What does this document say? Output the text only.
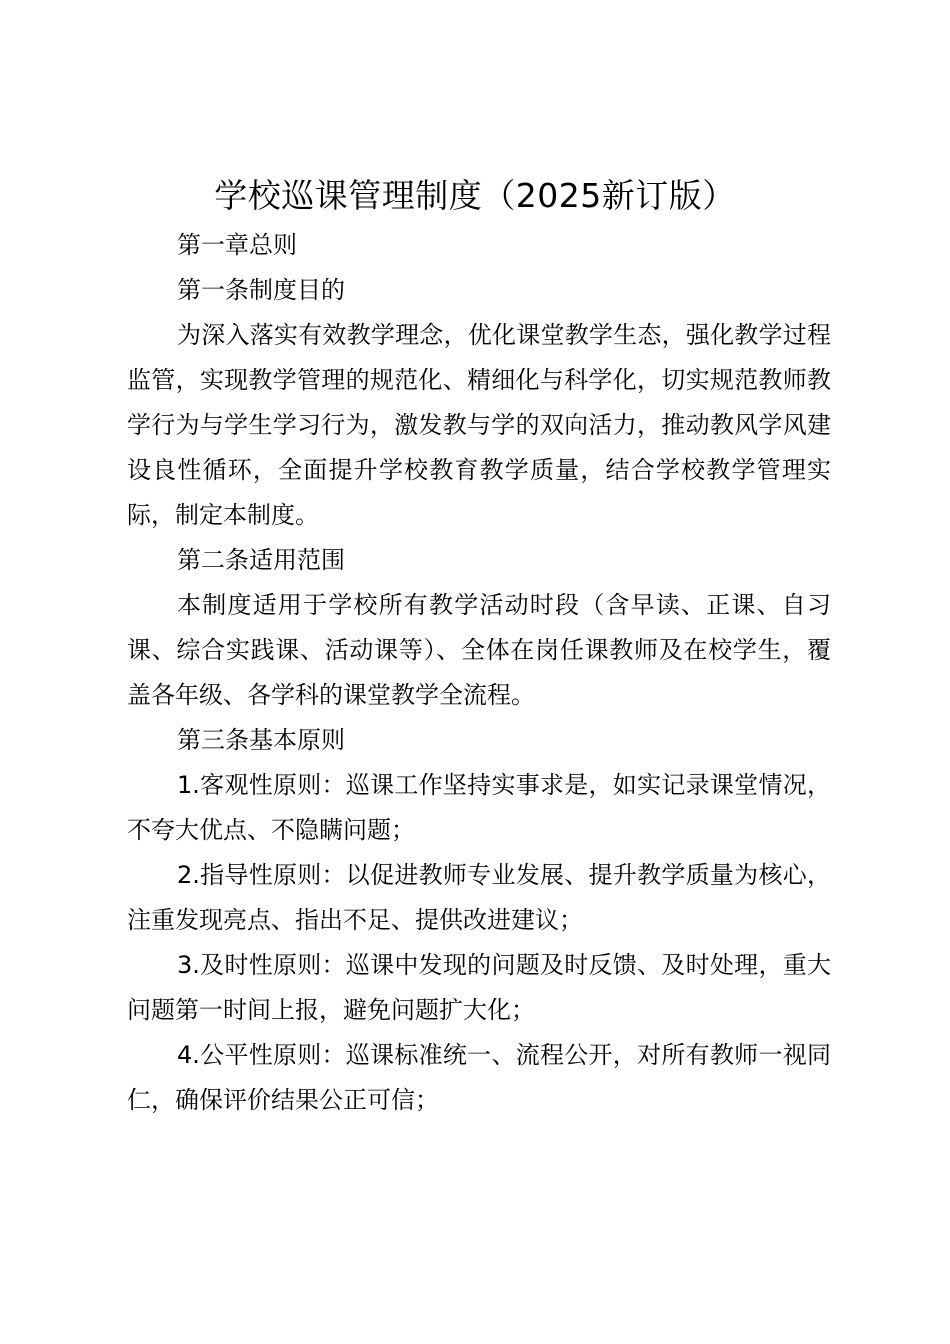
学校巡课管理制度（2025新订版）

第一章总则

第一条制度目的

为深入落实有效教学理念，优化课堂教学生态，强化教学过程监管，实现教学管理的规范化、精细化与科学化，切实规范教师教学行为与学生学习行为，激发教与学的双向活力，推动教风学风建设良性循环，全面提升学校教育教学质量，结合学校教学管理实际，制定本制度。

第二条适用范围

本制度适用于学校所有教学活动时段（含早读、正课、自习课、综合实践课、活动课等）、全体在岗任课教师及在校学生，覆盖各年级、各学科的课堂教学全流程。

第三条基本原则

1.客观性原则：巡课工作坚持实事求是，如实记录课堂情况，不夸大优点、不隐瞒问题；

2.指导性原则：以促进教师专业发展、提升教学质量为核心，注重发现亮点、指出不足、提供改进建议；

3.及时性原则：巡课中发现的问题及时反馈、及时处理，重大问题第一时间上报，避免问题扩大化；

4.公平性原则：巡课标准统一、流程公开，对所有教师一视同仁，确保评价结果公正可信；
